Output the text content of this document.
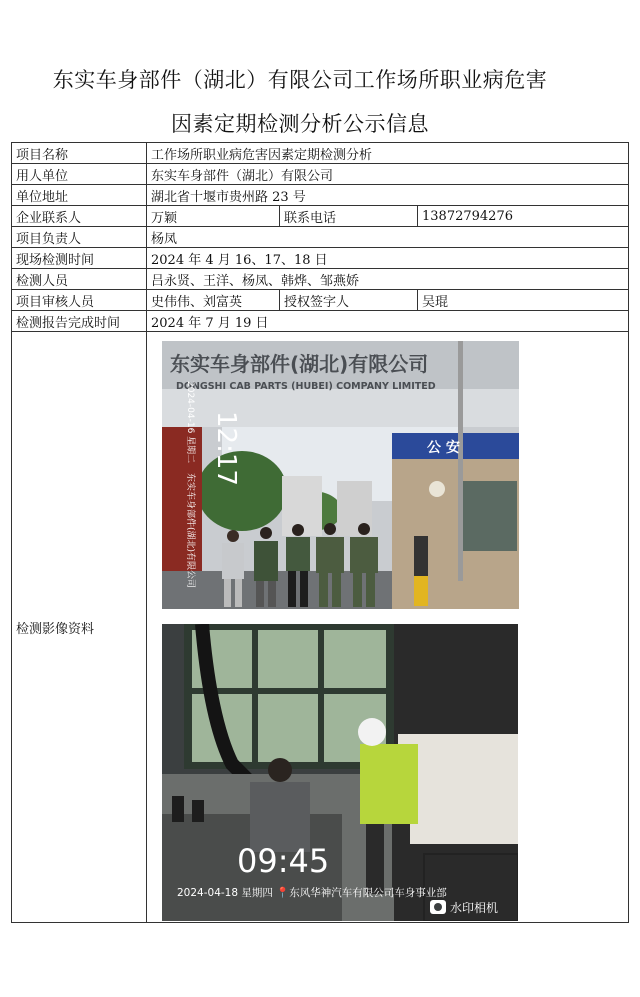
东实车身部件（湖北）有限公司工作场所职业病危害
因素定期检测分析公示信息
项目名称	工作场所职业病危害因素定期检测分析		
用人单位	东实车身部件（湖北）有限公司		
单位地址	湖北省十堰市贵州路 23 号		
企业联系人	万颖	联系电话	13872794276
项目负责人	杨凤		
现场检测时间	2024 年 4 月 16、17、18 日		
检测人员	吕永贤、王洋、杨凤、韩烨、邹燕娇		
项目审核人员	史伟伟、刘富英	授权签字人	吴琨
检测报告完成时间	2024 年 7 月 19 日		
检测影像资料			
东实车身部件(湖北)有限公司
DONGSHI CAB PARTS (HUBEI) COMPANY LIMITED
公 安
12:17
2024-04-16 星期二
东实车身部件(湖北)有限公司
09:45
2024-04-18 星期四 📍东风华神汽车有限公司车身事业部
水印相机
